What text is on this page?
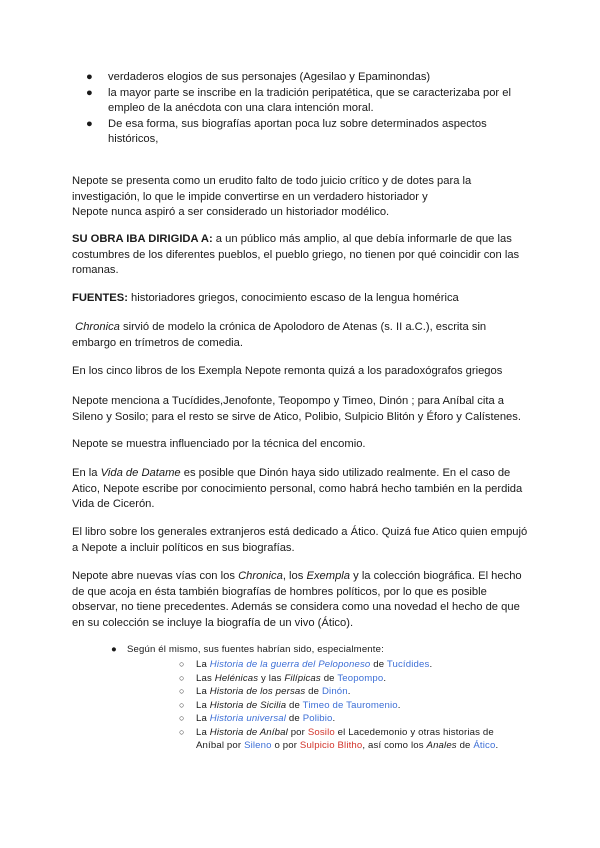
● verdaderos elogios de sus personajes (Agesilao y Epaminondas)
● la mayor parte se inscribe en la tradición peripatética, que se caracterizaba por el empleo de la anécdota con una clara intención moral.
● De esa forma, sus biografías aportan poca luz sobre determinados aspectos históricos,

Nepote se presenta como un erudito falto de todo juicio crítico y de dotes para la
investigación, lo que le impide convertirse en un verdadero historiador y
Nepote nunca aspiró a ser considerado un historiador modélico.

SU OBRA IBA DIRIGIDA A: a un público más amplio, al que debía informarle de que las
costumbres de los diferentes pueblos, el pueblo griego, no tienen por qué coincidir con las
romanas.

FUENTES: historiadores griegos, conocimiento escaso de la lengua homérica

Chronica sirvió de modelo la crónica de Apolodoro de Atenas (s. II a.C.), escrita sin
embargo en trímetros de comedia.

En los cinco libros de los Exempla Nepote remonta quizá a los paradoxógrafos griegos

Nepote menciona a Tucídides,Jenofonte, Teopompo y Timeo, Dinón ; para Aníbal cita a
Sileno y Sosilo; para el resto se sirve de Atico, Polibio, Sulpicio Blitón y Éforo y Calístenes.

Nepote se muestra influenciado por la técnica del encomio.

En la Vida de Datame es posible que Dinón haya sido utilizado realmente. En el caso de
Atico, Nepote escribe por conocimiento personal, como habrá hecho también en la perdida
Vida de Cicerón.

El libro sobre los generales extranjeros está dedicado a Ático. Quizá fue Atico quien empujó
a Nepote a incluir políticos en sus biografías.

Nepote abre nuevas vías con los Chronica, los Exempla y la colección biográfica. El hecho
de que acoja en ésta también biografías de hombres políticos, por lo que es posible
observar, no tiene precedentes. Además se considera como una novedad el hecho de que
en su colección se incluye la biografía de un vivo (Ático).

● Según él mismo, sus fuentes habrían sido, especialmente:
○ La Historia de la guerra del Peloponeso de Tucídides.
○ Las Helénicas y las Filípicas de Teopompo.
○ La Historia de los persas de Dinón.
○ La Historia de Sicilia de Timeo de Tauromenio.
○ La Historia universal de Polibio.
○ La Historia de Aníbal por Sosilo el Lacedemonio y otras historias de
Aníbal por Sileno o por Sulpicio Blitho, así como los Anales de Ático.
